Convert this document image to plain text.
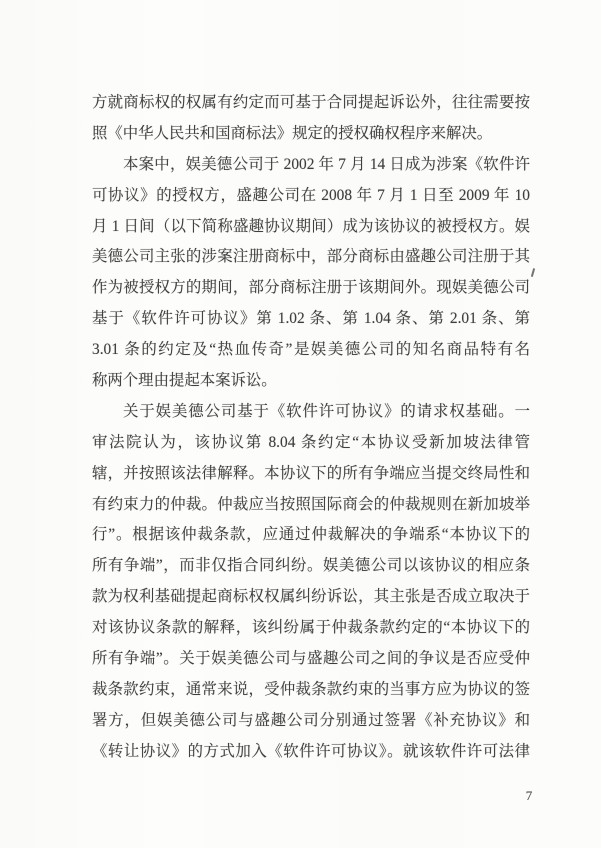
方就商标权的权属有约定而可基于合同提起诉讼外，往往需要按
照《中华人民共和国商标法》规定的授权确权程序来解决。
本案中，娱美德公司于 2002 年 7 月 14 日成为涉案《软件许
可协议》的授权方，盛趣公司在 2008 年 7 月 1 日至 2009 年 10
月 1 日间（以下简称盛趣协议期间）成为该协议的被授权方。娱
美德公司主张的涉案注册商标中，部分商标由盛趣公司注册于其
作为被授权方的期间，部分商标注册于该期间外。现娱美德公司
基于《软件许可协议》第 1.02 条、第 1.04 条、第 2.01 条、第
3.01 条的约定及“热血传奇”是娱美德公司的知名商品特有名
称两个理由提起本案诉讼。
关于娱美德公司基于《软件许可协议》的请求权基础。一
审法院认为，该协议第 8.04 条约定“本协议受新加坡法律管
辖，并按照该法律解释。本协议下的所有争端应当提交终局性和
有约束力的仲裁。仲裁应当按照国际商会的仲裁规则在新加坡举
行”。根据该仲裁条款，应通过仲裁解决的争端系“本协议下的
所有争端”，而非仅指合同纠纷。娱美德公司以该协议的相应条
款为权利基础提起商标权权属纠纷诉讼，其主张是否成立取决于
对该协议条款的解释，该纠纷属于仲裁条款约定的“本协议下的
所有争端”。关于娱美德公司与盛趣公司之间的争议是否应受仲
裁条款约束，通常来说，受仲裁条款约束的当事方应为协议的签
署方，但娱美德公司与盛趣公司分别通过签署《补充协议》和
《转让协议》的方式加入《软件许可协议》。就该软件许可法律
7
